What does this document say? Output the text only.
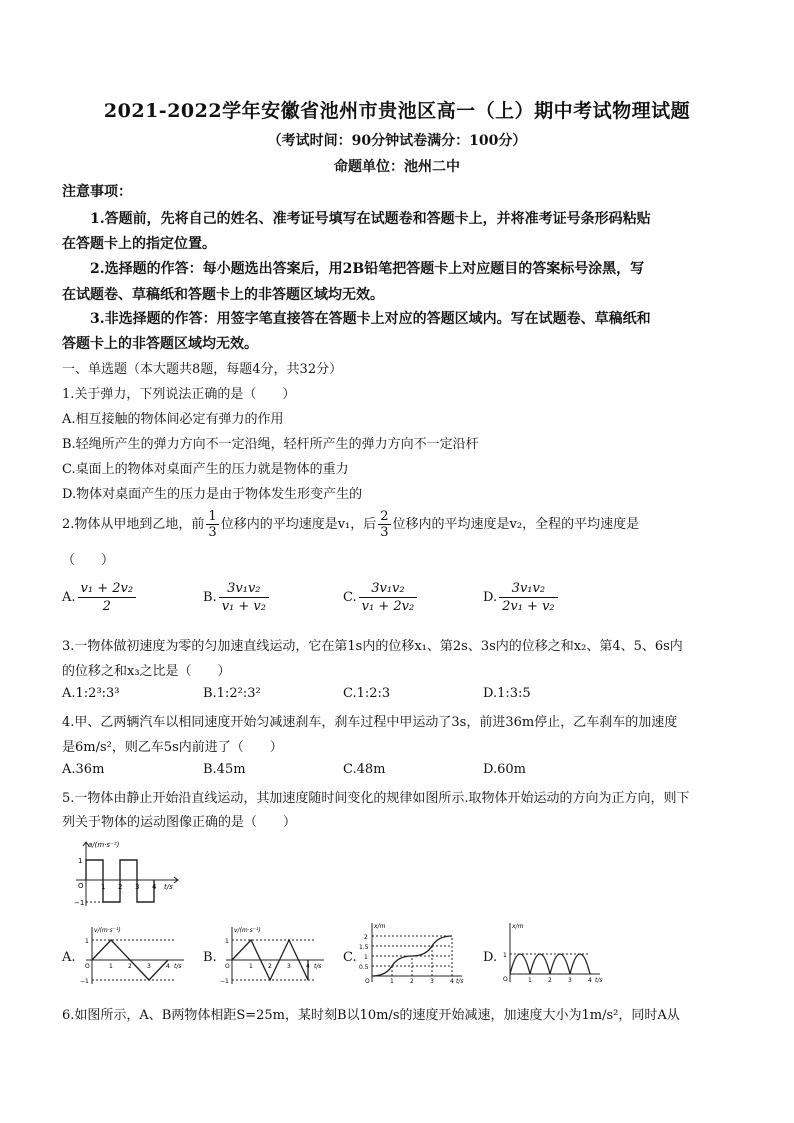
2021-2022学年安徽省池州市贵池区高一（上）期中考试物理试题
（考试时间：90分钟试卷满分：100分）
命题单位：池州二中
注意事项：
1.答题前，先将自己的姓名、准考证号填写在试题卷和答题卡上，并将准考证号条形码粘贴
在答题卡上的指定位置。
2.选择题的作答：每小题选出答案后，用2B铅笔把答题卡上对应题目的答案标号涂黑，写
在试题卷、草稿纸和答题卡上的非答题区域均无效。
3.非选择题的作答：用签字笔直接答在答题卡上对应的答题区域内。写在试题卷、草稿纸和
答题卡上的非答题区域均无效。
一、单选题（本大题共8题，每题4分，共32分）
1.关于弹力，下列说法正确的是（　　）
A.相互接触的物体间必定有弹力的作用
B.轻绳所产生的弹力方向不一定沿绳，轻杆所产生的弹力方向不一定沿杆
C.桌面上的物体对桌面产生的压力就是物体的重力
D.物体对桌面产生的压力是由于物体发生形变产生的
2.物体从甲地到乙地，前 $\frac{1}{3}$ 位移内的平均速度是v₁，后 $\frac{2}{3}$ 位移内的平均速度是v₂，全程的平均速度是
（　　）
A. $\frac{\text{v₁ + 2v₂}}{2}$	B. $\frac{\text{3v₁v₂}}{\text{v₁ + v₂}}$	C. $\frac{\text{3v₁v₂}}{\text{v₁ + 2v₂}}$	D. $\frac{\text{3v₁v₂}}{\text{2v₁ + v₂}}$
3.一物体做初速度为零的匀加速直线运动，它在第1s内的位移x₁、第2s、3s内的位移之和x₂、第4、5、6s内
的位移之和x₃之比是（　　）
A.1:2³:3³	B.1:2²:3²	C.1:2:3	D.1:3:5
4.甲、乙两辆汽车以相同速度开始匀减速刹车，刹车过程中甲运动了3s，前进36m停止，乙车刹车的加速度
是6m/s²，则乙车5s内前进了（　　）
A.36m	B.45m	C.48m	D.60m
5.一物体由静止开始沿直线运动，其加速度随时间变化的规律如图所示.取物体开始运动的方向为正方向，则下
列关于物体的运动图像正确的是（　　）
a/(m·s⁻²)
1
−1
O 1 2 3 4 t/s
A.
v/(m·s⁻¹)
1
−1
O	1	2	3	4 t/s
B.
v/(m·s⁻¹)
1
−1
O	1	2	3	4 t/s
C.
x/m
2
1.5
1
0.5
O	1	2	3	4 t/s
D.
x/m
1
O	1	2	3	4 t/s
6.如图所示，A、B两物体相距S=25m，某时刻B以10m/s的速度开始减速，加速度大小为1m/s²，同时A从
